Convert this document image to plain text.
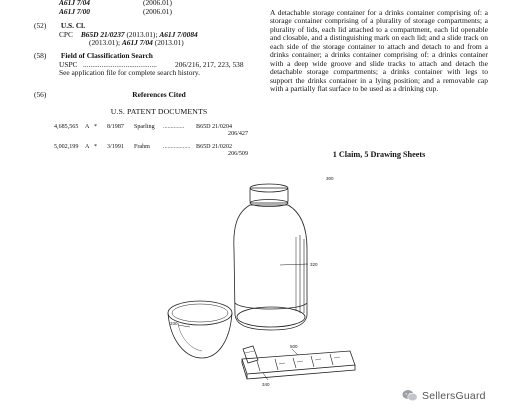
A61J 7/04	(2006.01)
A61J 7/00	(2006.01)
(52) U.S. Cl.
CPC B65D 21/0237 (2013.01); A61J 7/0084
(2013.01); A61J 7/04 (2013.01)
(58) Field of Classification Search
USPC ........................................	206/216, 217, 223, 538
See application file for complete search history.
(56)	References Cited
U.S. PATENT DOCUMENTS
4,685,565	A *	8/1987	Sparling	..............	B65D 21/0204
206/427
5,002,199	A *	3/1991	Frahm	.................. B65D 21/0202
206/509
A detachable storage container for a drinks container comprising of: a storage container comprising of a plurality of storage compartments; a plurality of lids, each lid attached to a compartment, each lid openable and closable, and a distinguishing mark on each lid; and a slide track on each side of the storage container to attach and detach to and from a drinks container; a drinks container comprising of: a drinks container with a deep wide groove and slide tracks to attach and detach the detachable storage compartments; a drinks container with legs to support the drinks container in a lying position; and a removable cap with a partially flat surface to be used as a drinking cup.
1 Claim, 5 Drawing Sheets
300
320
330
500
340
SellersGuard
